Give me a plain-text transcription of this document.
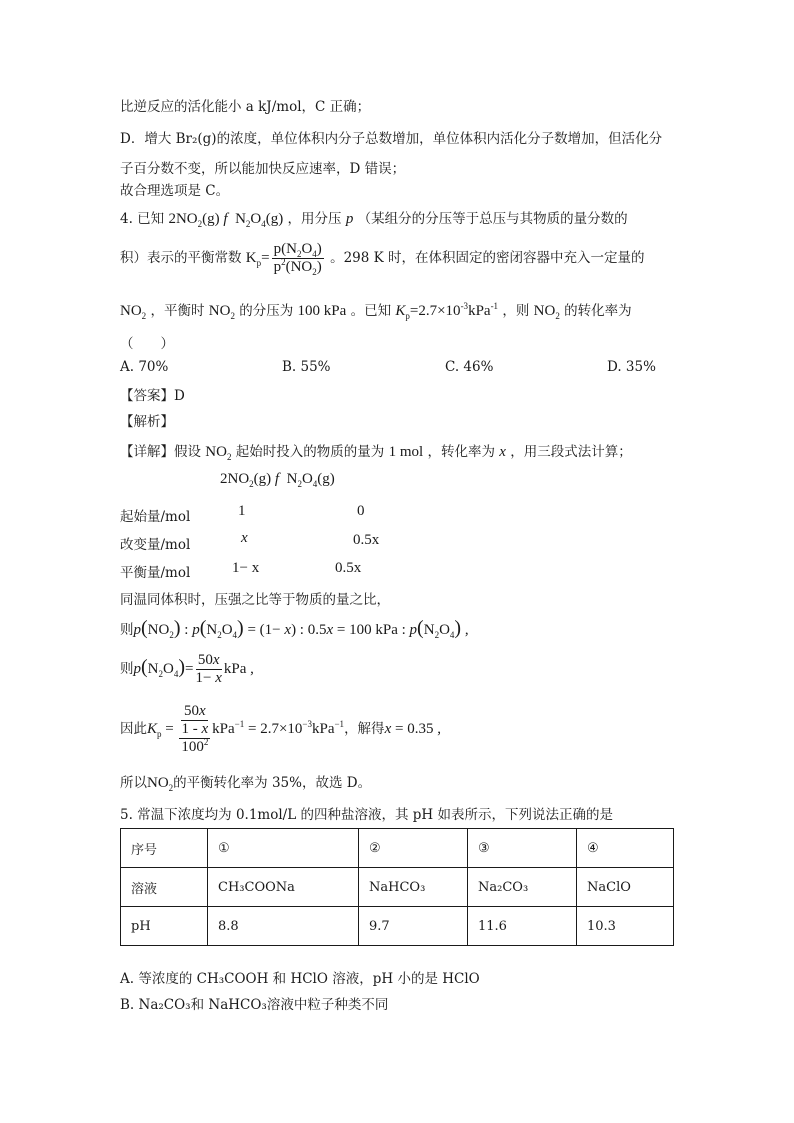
比逆反应的活化能小 a kJ/mol，C 正确；
D．增大 Br₂(g)的浓度，单位体积内分子总数增加，单位体积内活化分子数增加，但活化分
子百分数不变，所以能加快反应速率，D 错误；
故合理选项是 C。
4. 已知 $2NO_2(g)$ f  $N_2O_4(g)$ ，用分压 p （某组分的分压等于总压与其物质的量分数的
积）表示的平衡常数 $K_p= \frac{p(N_2O_4)}{p^2(NO_2)}$ 。298 K 时，在体积固定的密闭容器中充入一定量的
$NO_2$ ，平衡时 $NO_2$ 的分压为 100 kPa 。已知 $K_p=2.7\times 10^{-3}kPa^{-1}$ ，则 $NO_2$ 的转化率为
（　　）
A. 70%	B. 55%	C. 46%	D. 35%
【答案】D
【解析】
【详解】假设 $NO_2$ 起始时投入的物质的量为 1 mol ，转化率为 x ，用三段式法计算；
$2NO_2(g)$ f  $N_2O_4(g)$
起始量/mol	1	0
改变量/mol	x	0.5x
平衡量/mol	1− x	0.5x
同温同体积时，压强之比等于物质的量之比，
则$p(NO_2)$ : $p(N_2O_4) = (1- x)$ : 0.5x = 100 kPa : $p(N_2O_4)$ ,
则$p(N_2O_4)= \frac{50x}{1- x}$ kPa ,
因此$K_p = \frac{\frac{50x}{1 - x}}{100^2} kPa^{-1} = 2.7\times 10^{-3}kPa^{-1}$，解得x = 0.35 ,
所以$NO_2$的平衡转化率为 35%，故选 D。
5. 常温下浓度均为 0.1mol/L 的四种盐溶液，其 pH 如表所示，下列说法正确的是
序号	①	②	③	④
溶液	CH₃COONa	NaHCO₃	Na₂CO₃	NaClO
pH	8.8	9.7	11.6	10.3
A. 等浓度的 CH₃COOH 和 HClO 溶液，pH 小的是 HClO
B. Na₂CO₃和 NaHCO₃溶液中粒子种类不同
